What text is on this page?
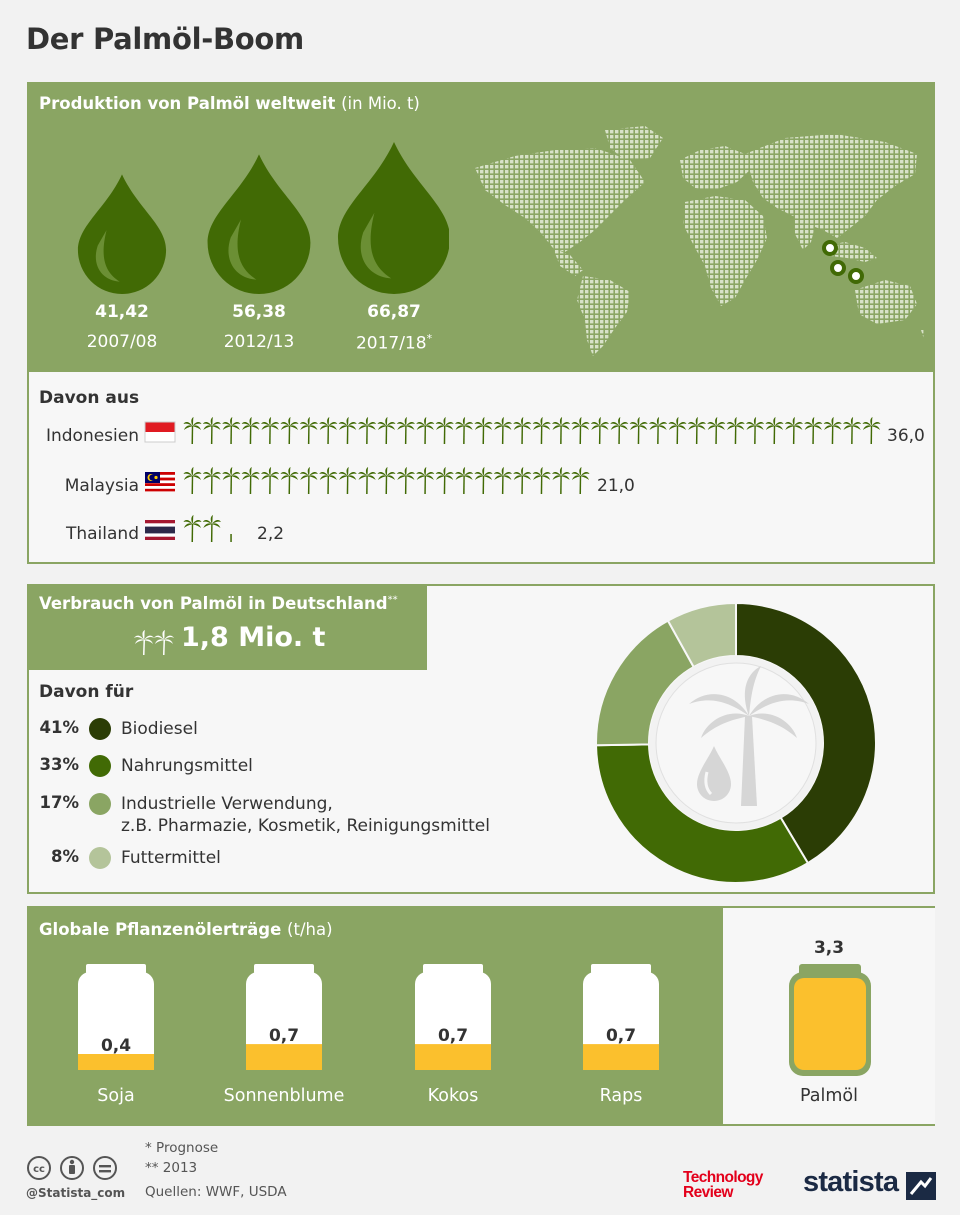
Der Palmöl-Boom
Produktion von Palmöl weltweit (in Mio. t)
41,42
2007/08
56,38
2012/13
66,87
2017/18*
Davon aus
Indonesien	36,0
Malaysia	21,0
Thailand	2,2
Verbrauch von Palmöl in Deutschland**
1,8 Mio. t
Davon für
41% Biodiesel
33% Nahrungsmittel
17% Industrielle Verwendung,
z.B. Pharmazie, Kosmetik, Reinigungsmittel
8% Futtermittel
Globale Pflanzenölerträge (t/ha)
0,4	0,7	0,7	0,7
3,3
Soja	Sonnenblume	Kokos	Raps	Palmöl
cc
@Statista_com
* Prognose
** 2013
Quellen: WWF, USDA
Technology
Review	statista
